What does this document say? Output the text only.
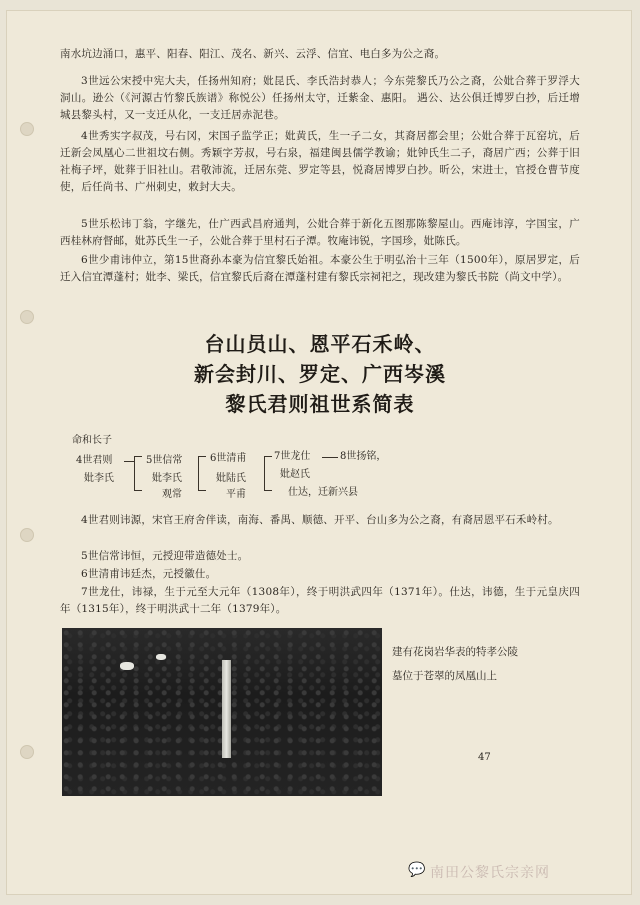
南水坑边涌口，惠平、阳春、阳江、茂名、新兴、云浮、信宜、电白多为公之裔。

3世远公宋授中宪大夫，任扬州知府；妣昆氏、李氏浩封恭人；今东莞黎氏乃公之裔，公妣合葬于罗浮大洞山。逊公（《河源古竹黎氏族谱》称悦公）任扬州太守，迁紫金、惠阳。 遇公、达公俱迁博罗白抄，后迁增城县黎头村，又一支迁从化，一支迁居赤泥巷。

4世秀实字叔茂，号右冈，宋国子监学正；妣黄氏，生一子二女，其裔居都会里；公妣合葬于瓦窑坑，后迁新会凤凰心二世祖坟右侧。秀颖字芳叔，号右泉，福建闽县儒学教谕；妣钟氏生二子，裔居广西；公葬于旧社梅子坪，妣葬于旧社山。君敬沛流，迁居东莞、罗定等县，悦裔居博罗白抄。昕公，宋进士，官授仓曹节度使，后任尚书、广州刺史，敕封大夫。

5世乐松讳丁翁，字继先，仕广西武昌府通判，公妣合葬于新化五图那陈黎屋山。西庵讳淳，字国宝，广西桂林府督邮，妣苏氏生一子，公妣合葬于里村石子潭。牧庵讳锐，字国珍，妣陈氏。

6世少甫讳仲立，第15世裔孙本豪为信宜黎氏始祖。本豪公生于明弘治十三年（1500年），原居罗定，后迁入信宜潭蓬村；妣李、梁氏，信宜黎氏后裔在潭蓬村建有黎氏宗祠祀之，现改建为黎氏书院（尚文中学）。

台山员山、恩平石禾岭、
新会封川、罗定、广西岑溪
黎氏君则祖世系简表
命和长子
4世君则
妣李氏
5世信常
妣李氏
观常
6世清甫
妣陆氏
平甫
7世龙仕	8世扬铭，
妣赵氏
仕达，迁新兴县

4世君则讳源，宋官王府舍伴读，南海、番禺、顺德、开平、台山多为公之裔，有裔居恩平石禾岭村。

5世信常讳恒，元授迎带造德处士。

6世清甫讳廷杰，元授徽仕。

7世龙仕，讳禄，生于元至大元年（1308年），终于明洪武四年（1371年）。仕达，讳德，生于元皇庆四年（1315年），终于明洪武十二年（1379年）。

建有花岗岩华表的特孝公陵
墓位于苍翠的凤凰山上

47
💬 南田公黎氏宗亲网
